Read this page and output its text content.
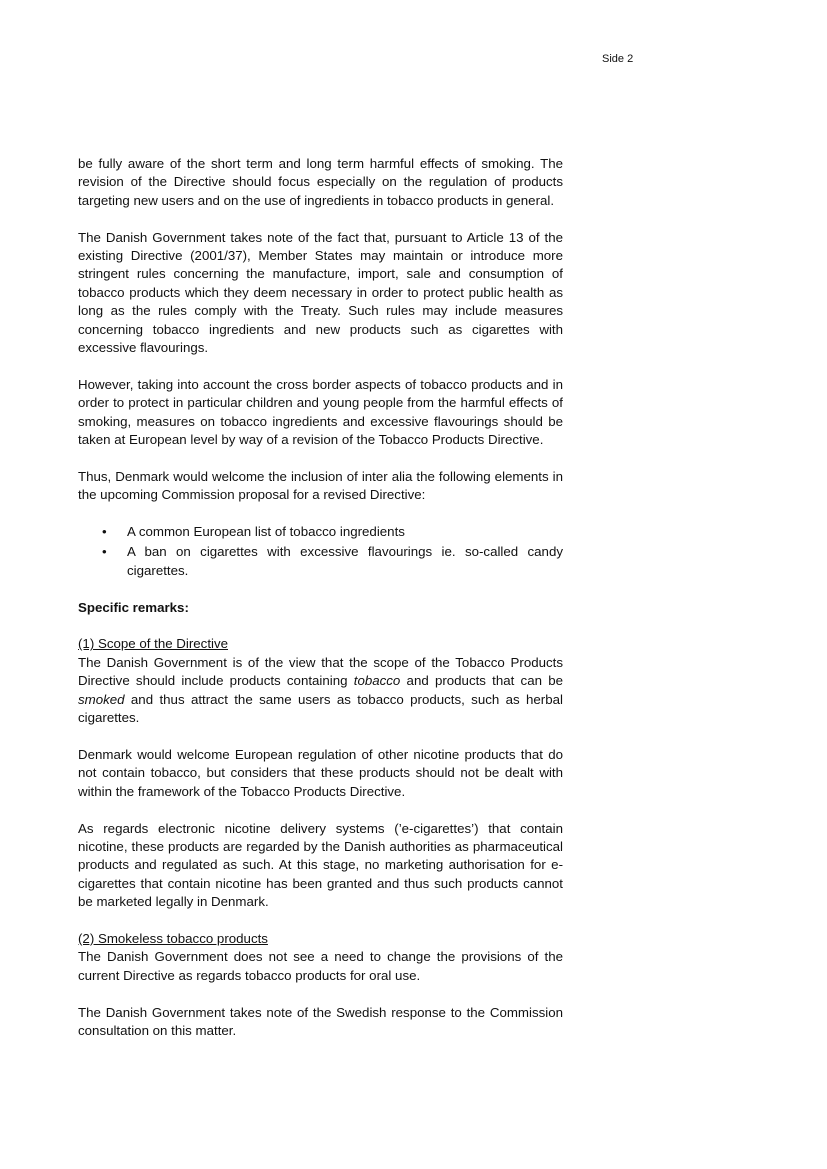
Side 2

be fully aware of the short term and long term harmful effects of smoking. The revision of the Directive should focus especially on the regulation of products targeting new users and on the use of ingredients in tobacco products in general.

The Danish Government takes note of the fact that, pursuant to Article 13 of the existing Directive (2001/37), Member States may maintain or introduce more stringent rules concerning the manufacture, import, sale and consumption of tobacco products which they deem necessary in order to protect public health as long as the rules comply with the Treaty. Such rules may include measures concerning tobacco ingredients and new products such as cigarettes with excessive flavourings.

However, taking into account the cross border aspects of tobacco products and in order to protect in particular children and young people from the harmful effects of smoking, measures on tobacco ingredients and excessive flavourings should be taken at European level by way of a revision of the Tobacco Products Directive.

Thus, Denmark would welcome the inclusion of inter alia the following elements in the upcoming Commission proposal for a revised Directive:

• A common European list of tobacco ingredients
• A ban on cigarettes with excessive flavourings ie. so-called candy cigarettes.

Specific remarks:

(1) Scope of the Directive
The Danish Government is of the view that the scope of the Tobacco Products Directive should include products containing tobacco and products that can be smoked and thus attract the same users as tobacco products, such as herbal cigarettes.

Denmark would welcome European regulation of other nicotine products that do not contain tobacco, but considers that these products should not be dealt with within the framework of the Tobacco Products Directive.

As regards electronic nicotine delivery systems (’e-cigarettes’) that contain nicotine, these products are regarded by the Danish authorities as pharmaceutical products and regulated as such. At this stage, no marketing authorisation for e-cigarettes that contain nicotine has been granted and thus such products cannot be marketed legally in Denmark.

(2) Smokeless tobacco products
The Danish Government does not see a need to change the provisions of the current Directive as regards tobacco products for oral use.

The Danish Government takes note of the Swedish response to the Commission consultation on this matter.
